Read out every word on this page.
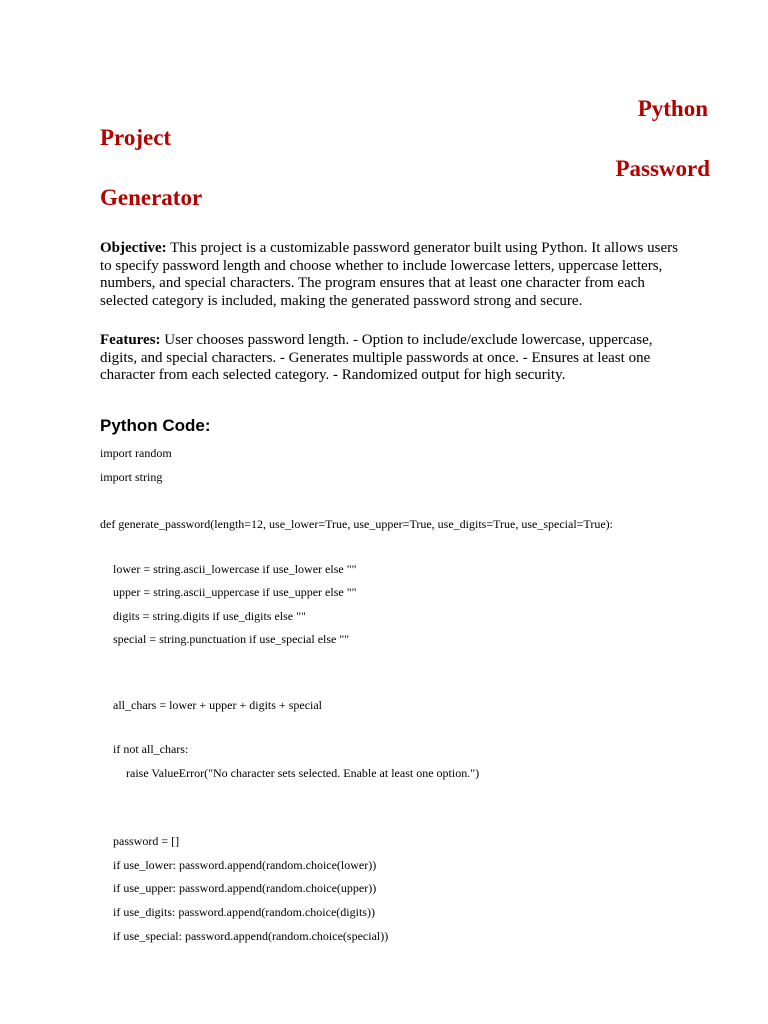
Python
Project
Password
Generator

Objective: This project is a customizable password generator built using Python. It allows users to specify password length and choose whether to include lowercase letters, uppercase letters, numbers, and special characters. The program ensures that at least one character from each selected category is included, making the generated password strong and secure.

Features: User chooses password length. - Option to include/exclude lowercase, uppercase, digits, and special characters. - Generates multiple passwords at once. - Ensures at least one character from each selected category. - Randomized output for high security.

Python Code:

import random

import string

def generate_password(length=12, use_lower=True, use_upper=True, use_digits=True, use_special=True):

lower = string.ascii_lowercase if use_lower else ""

upper = string.ascii_uppercase if use_upper else ""

digits = string.digits if use_digits else ""

special = string.punctuation if use_special else ""

all_chars = lower + upper + digits + special

if not all_chars:

raise ValueError("No character sets selected. Enable at least one option.")

password = []

if use_lower: password.append(random.choice(lower))

if use_upper: password.append(random.choice(upper))

if use_digits: password.append(random.choice(digits))

if use_special: password.append(random.choice(special))
